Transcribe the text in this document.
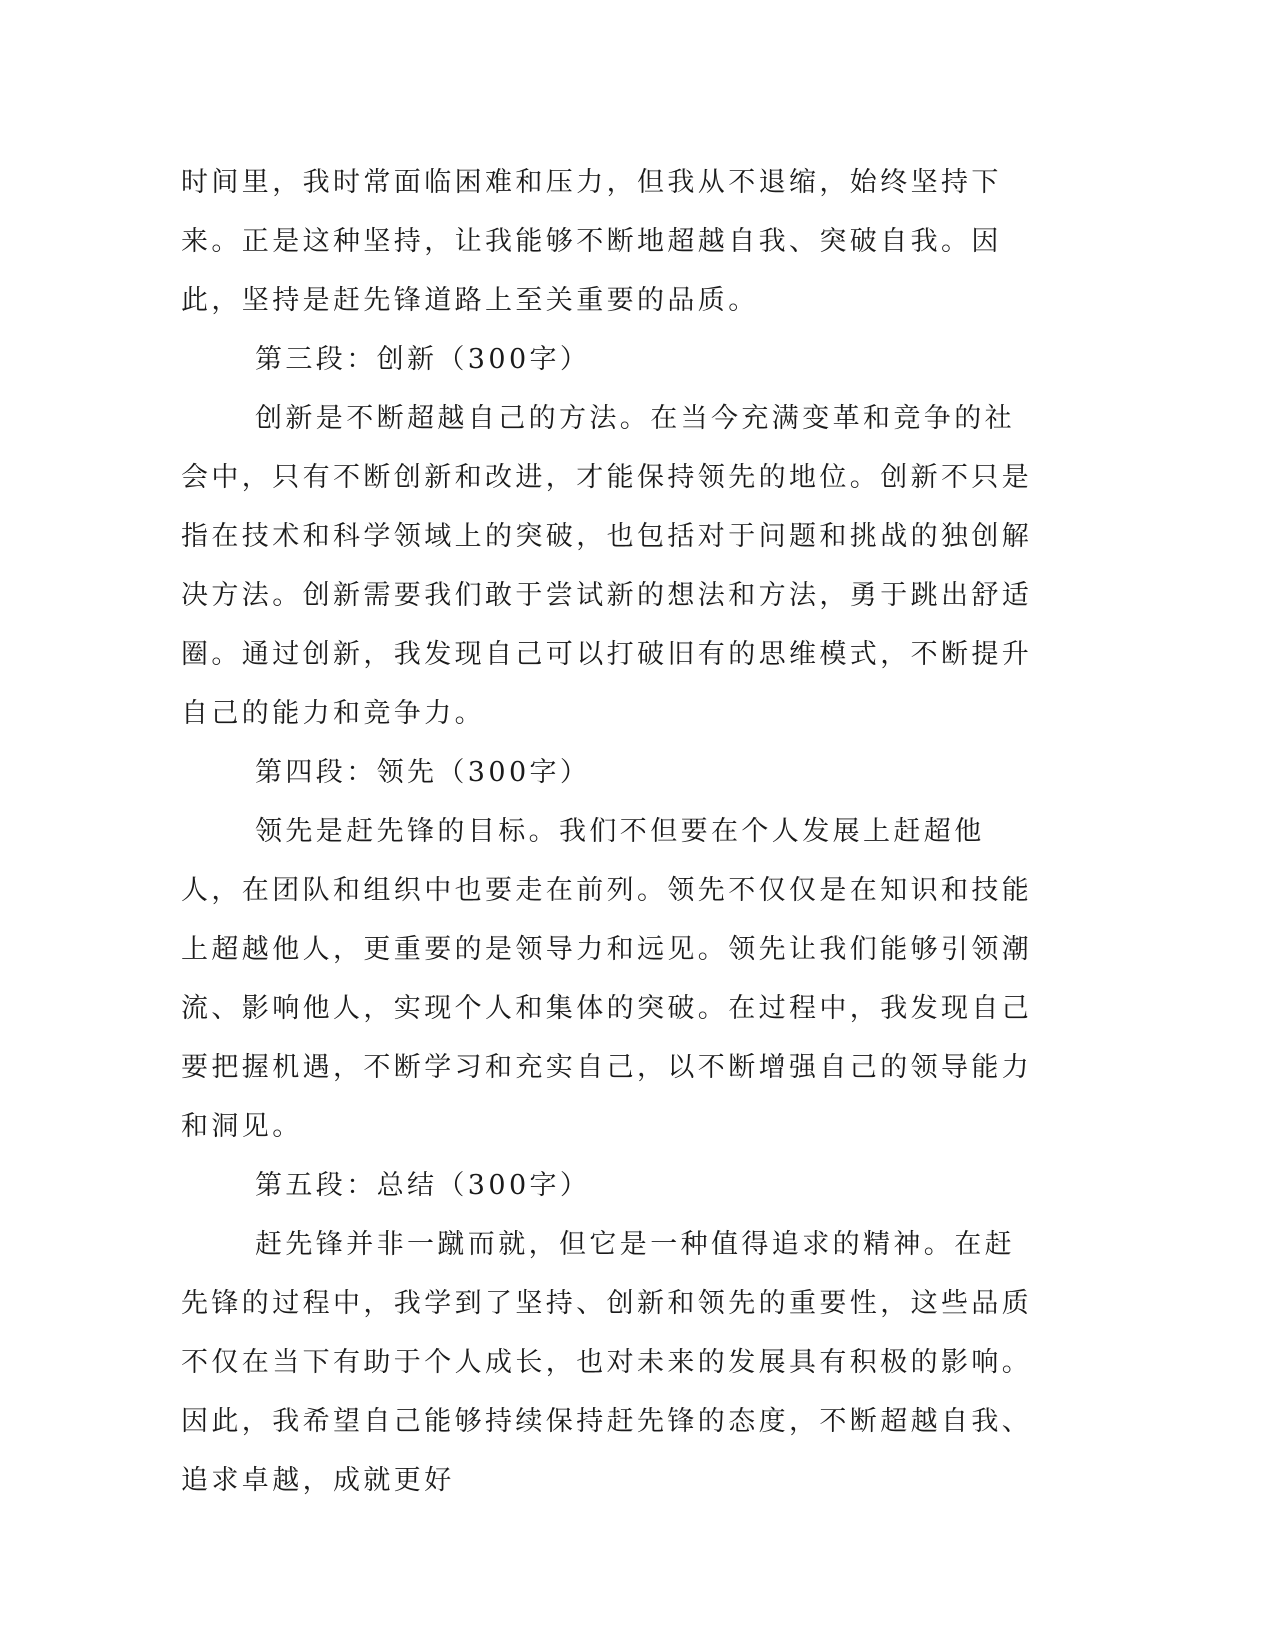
时间里，我时常面临困难和压力，但我从不退缩，始终坚持下来。正是这种坚持，让我能够不断地超越自我、突破自我。因此，坚持是赶先锋道路上至关重要的品质。

第三段：创新（300字）

创新是不断超越自己的方法。在当今充满变革和竞争的社会中，只有不断创新和改进，才能保持领先的地位。创新不只是指在技术和科学领域上的突破，也包括对于问题和挑战的独创解决方法。创新需要我们敢于尝试新的想法和方法，勇于跳出舒适圈。通过创新，我发现自己可以打破旧有的思维模式，不断提升自己的能力和竞争力。

第四段：领先（300字）

领先是赶先锋的目标。我们不但要在个人发展上赶超他人，在团队和组织中也要走在前列。领先不仅仅是在知识和技能上超越他人，更重要的是领导力和远见。领先让我们能够引领潮流、影响他人，实现个人和集体的突破。在过程中，我发现自己要把握机遇，不断学习和充实自己，以不断增强自己的领导能力和洞见。

第五段：总结（300字）

赶先锋并非一蹴而就，但它是一种值得追求的精神。在赶先锋的过程中，我学到了坚持、创新和领先的重要性，这些品质不仅在当下有助于个人成长，也对未来的发展具有积极的影响。因此，我希望自己能够持续保持赶先锋的态度，不断超越自我、追求卓越，成就更好
